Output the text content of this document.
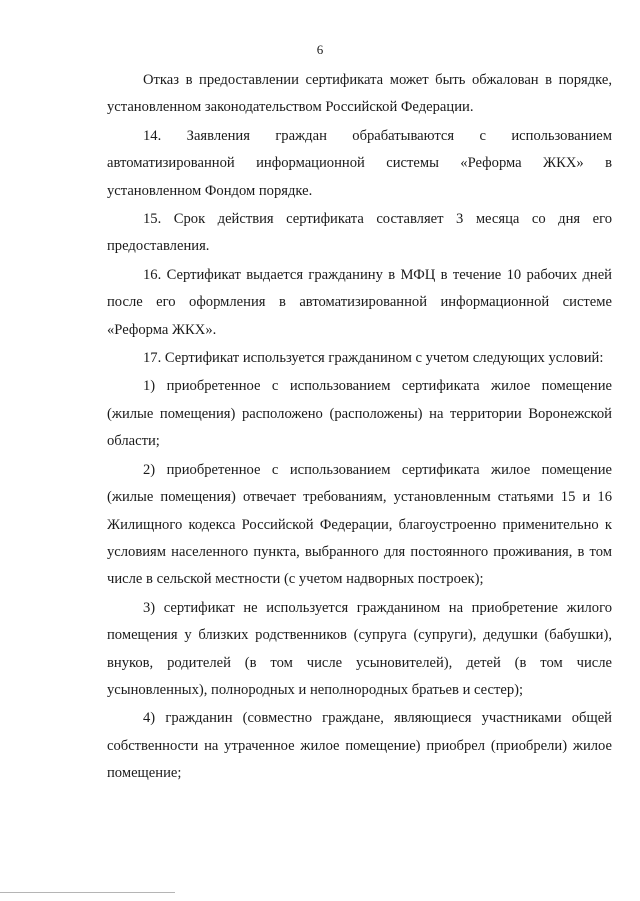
6

Отказ в предоставлении сертификата может быть обжалован в порядке, установленном законодательством Российской Федерации.

14. Заявления граждан обрабатываются с использованием автоматизированной информационной системы «Реформа ЖКХ» в установленном Фондом порядке.

15. Срок действия сертификата составляет 3 месяца со дня его предоставления.

16. Сертификат выдается гражданину в МФЦ в течение 10 рабочих дней после его оформления в автоматизированной информационной системе «Реформа ЖКХ».

17. Сертификат используется гражданином с учетом следующих условий:

1) приобретенное с использованием сертификата жилое помещение (жилые помещения) расположено (расположены) на территории Воронежской области;

2) приобретенное с использованием сертификата жилое помещение (жилые помещения) отвечает требованиям, установленным статьями 15 и 16 Жилищного кодекса Российской Федерации, благоустроенно применительно к условиям населенного пункта, выбранного для постоянного проживания, в том числе в сельской местности (с учетом надворных построек);

3) сертификат не используется гражданином на приобретение жилого помещения у близких родственников (супруга (супруги), дедушки (бабушки), внуков, родителей (в том числе усыновителей), детей (в том числе усыновленных), полнородных и неполнородных братьев и сестер);

4) гражданин (совместно граждане, являющиеся участниками общей собственности на утраченное жилое помещение) приобрел (приобрели) жилое помещение;
